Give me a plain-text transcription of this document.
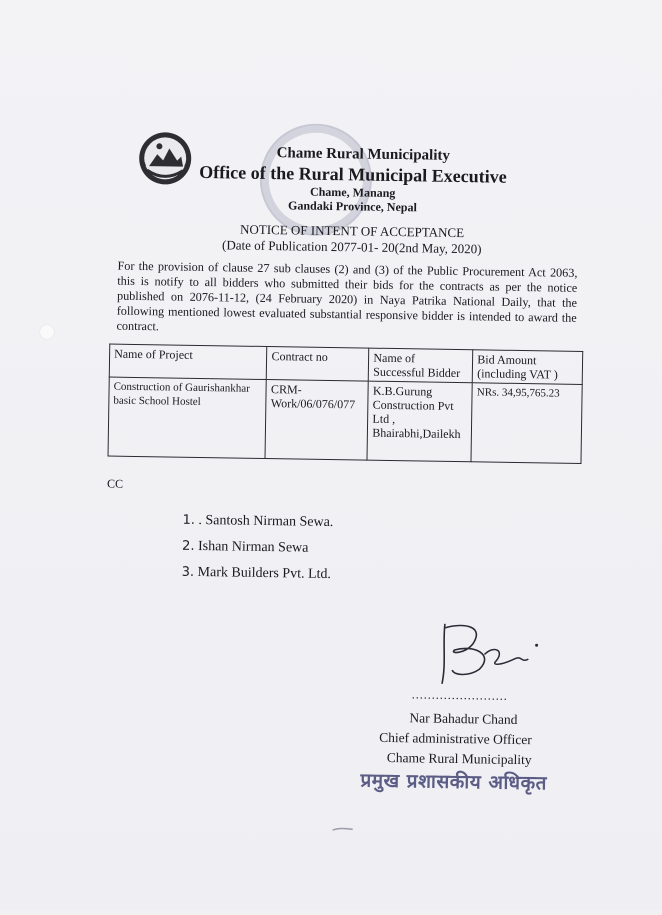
Chame Rural Municipality
Office of the Rural Municipal Executive
Chame, Manang
Gandaki Province, Nepal
NOTICE OF INTENT OF ACCEPTANCE
(Date of Publication 2077-01- 20(2nd May, 2020)
For the provision of clause 27 sub clauses (2) and (3) of the Public Procurement Act 2063, this is notify to all bidders who submitted their bids for the contracts as per the notice published on 2076-11-12, (24 February 2020) in Naya Patrika National Daily, that the following mentioned lowest evaluated substantial responsive bidder is intended to award the contract.
Name of Project	Contract no	Name of Successful Bidder	Bid Amount (including VAT )
Construction of Gaurishankhar basic School Hostel	CRM-Work/06/076/077	K.B.Gurung Construction Pvt Ltd , Bhairabhi,Dailekh	NRs. 34,95,765.23
CC
1. . Santosh Nirman Sewa.
2. Ishan Nirman Sewa
3. Mark Builders Pvt. Ltd.
........................
Nar Bahadur Chand
Chief administrative Officer
Chame Rural Municipality
प्रमुख प्रशासकीय अधिकृत
